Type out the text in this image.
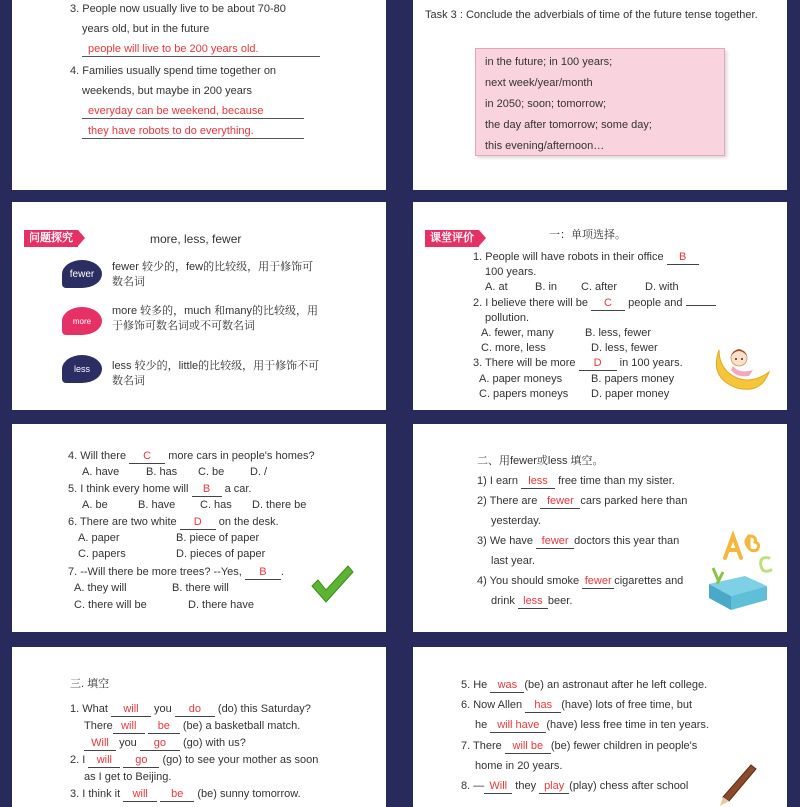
3. People now usually live to be about 70-80
years old, but in the future
people will live to be 200 years old.
4. Families usually spend time together on
weekends, but maybe in 200 years
everyday can be weekend, because
they have robots to do everything.
Task 3 : Conclude the adverbials of time of the future tense together.
in the future; in 100 years;
next week/year/month
in 2050; soon; tomorrow;
the day after tomorrow; some day;
this evening/afternoon…
问题探究	more, less, fewer
fewer
fewer 较少的，few的比较级，用于修饰可
数名词
more
more 较多的，much 和many的比较级，用
于修饰可数名词或不可数名词
less	less 较少的，little的比较级，用于修饰不可
数名词
课堂评价	一：单项选择。
1. People will have robots in their office B
100 years.
A. at B. in C. after	D. with
2. I believe there will be C people and
pollution.
A. fewer, many	B. less, fewer
C. more, less	D. less, fewer
3. There will be more D in 100 years.
A. paper moneys	B. papers money
C. papers moneys D. paper money
4. Will there C more cars in people's homes?
A. have B. has C. be D. /
5. I think every home will B a car.
A. be	B. have C. has D. there be
6. There are two white D on the desk.
A. paper	B. piece of paper
C. papers	D. pieces of paper
7. --Will there be more trees? --Yes, B .
A. they will	B. there will
C. there will be	D. there have
二、用fewer或less 填空。
1) I earn less free time than my sister.
2) There are fewer cars parked here than
yesterday.
3) We have fewer doctors this year than
last year.
4) You should smoke fewer cigarettes and
drink less beer.
三. 填空
1. What will you do (do) this Saturday?
There will be (be) a basketball match.
Will you go (go) with us?
2. I will go (go) to see your mother as soon
as I get to Beijing.
3. I think it will be (be) sunny tomorrow.
5. He was (be) an astronaut after he left college.
6. Now Allen has (have) lots of free time, but
he will have (have) less free time in ten years.
7. There will be (be) fewer children in people's
home in 20 years.
8. — Will they play (play) chess after school
